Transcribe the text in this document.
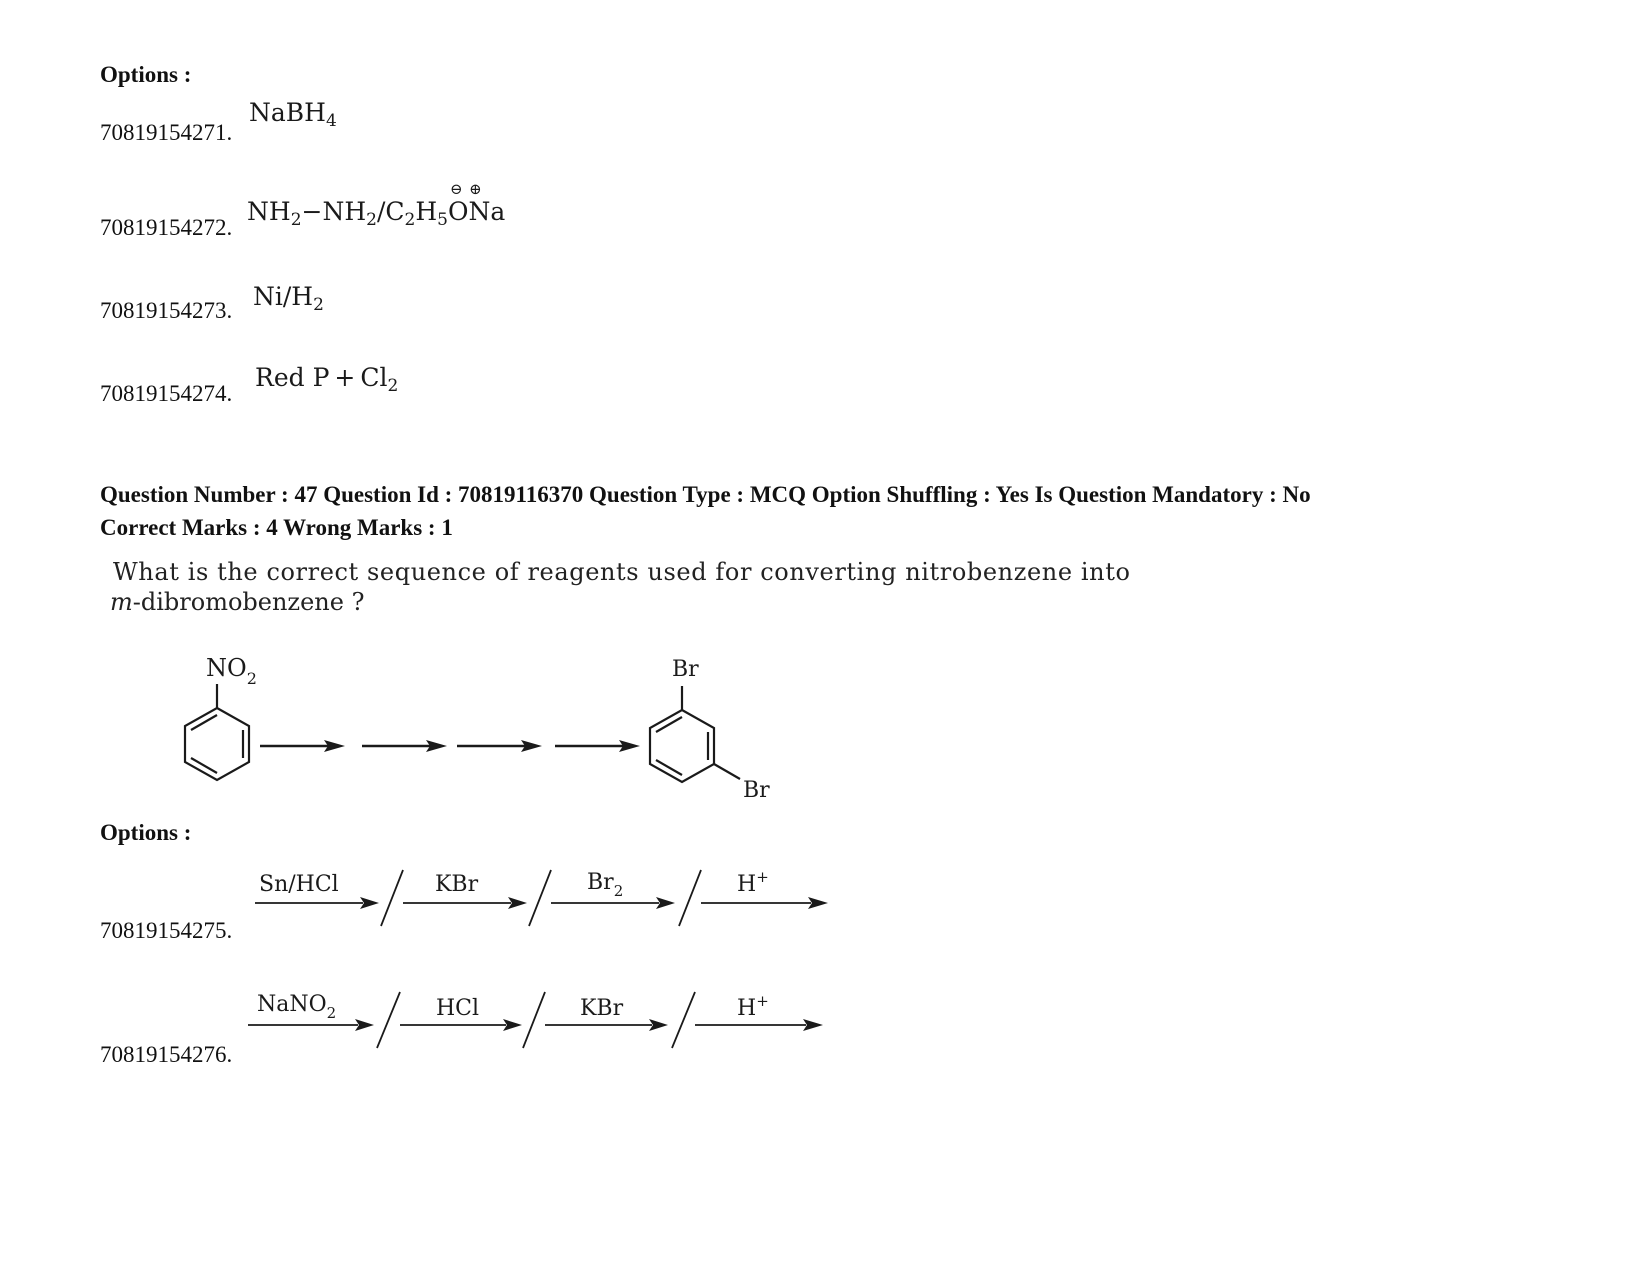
Options :
70819154271.
NaBH$_4$
70819154272.
$NH_2-NH_2/C_2H_5$
⊖ ⊕
ONa
70819154273. $Ni/H_2$
70819154274.
Red $P + Cl_2$
Question Number : 47 Question Id : 70819116370 Question Type : MCQ Option Shuffling : Yes Is Question Mandatory : No
Correct Marks : 4 Wrong Marks : 1
What is the correct sequence of reagents used for converting nitrobenzene into
m-dibromobenzene ?
$NO_2$	Br
Br
Options :
70819154275.
Sn/HCl	KBr	$Br_2$	H+
70819154276.
NaNO$_2$	HCl	KBr	H+
